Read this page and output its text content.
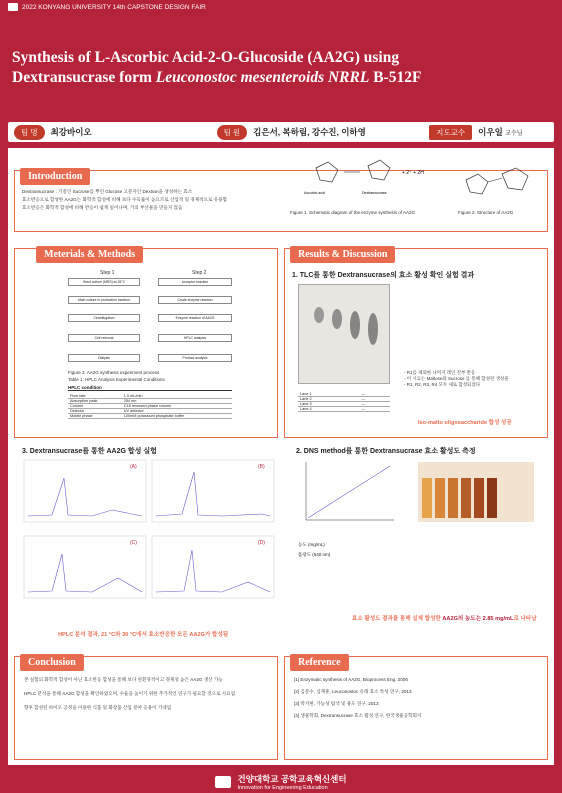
2022 KONYANG UNIVERSITY 14th CAPSTONE DESIGN FAIR
Synthesis of L-Ascorbic Acid-2-O-Glucoside (AA2G) using
Dextransucrase form Leuconostoc mesenteroids NRRL B-512F
팀 명	최강바이오	팀 원	김은서, 복하림, 강수진, 이하영	지도교수	이우일
교수님
Introduction
Dextransucrase : 기질인 Sucrose를 뿌린 Glucose 고분자인 Dextran을 생성하는 효소
효소반응으로 합성한 AA2G는 화학적 합성에 비해 보다 수득률이 높으므로 산업적 및 경제적으로 유용함
효소반응은 화학적 합성에 비해 반응이 쉽게 일어나며, 거의 부산물을 만들지 않음
Ascorbic acid	Dextransucrase
+ 2⁺ + 2H
Figure 1. Schematic diagram of the enzyme synthesis of AA2G	Figure 2. Structure of AA2G
Meterials & Methods
Step 1	Step 2
Seed culture (MRS) at 28°C
Main culture in production medium
Centrifugation
Cell removal
Dialysis
Acceptor reaction
Crude enzyme reaction
Enzyme reaction of AA2G
HPLC analysis
Product analysis
Figure 3. AA2G synthesis experiment process
Table 1. HPLC Analysis Experimental Conditions
HPLC condition
Flow rate	1.0 mL/min
Absorption peak	254 nm
Column	C18 reversed phase column
Detector	UV detector
Mobile phase	100mM potassium phosphate buffer
Results & Discussion
1. TLC를 통한 Dextransucrase의 효소 활성 확인 실험 결과
Lane 1	—
Lane 2	—
Lane 3	—
Lane 4	—
- R1를 제외한 나머지 레인 전부 반응
- 이 시료는 Maltose와 Sucrose 를 통해 합성된 생성물
- R1, R2, R3, R4 모두 새로 합성되었다
Iso-malto oligosaccharide 합성 성공
3. Dextransucrase를 통한 AA2G 합성 실험
(A)	(B)
(C)	(D)
HPLC 분석 결과, 21 °C와 30 °C에서 효소반응한 모든 AA2G가 합성됨
2. DNS method를 통한 Dextransucrase 효소 활성도 측정
농도 (mg/mL)
흡광도 (540 nm)
효소 활성도 결과를 통해 실제 합성한 AA2G의 농도는 2.85 mg/mL로 나타남
Conclusion
본 실험의 화학적 합성이 아닌 효소반응 합성을 통해 보다 친환경적이고 경제성 높은 AA2G 생산 가능
HPLC 분석을 통해 AA2G 합성을 확인하였으며, 수율을 높이기 위한 추가적인 연구가 필요할 것으로 사료됨
향후 합성된 바이오 공정을 이용한 식품 및 화장품 산업 분야 응용이 기대됨
Reference
[1] Enzymatic synthesis of AA2G, Bioprocess Eng. 2006
[2] 김문수, 심재훈, Leuconostoc 유래 효소 특성 연구, 2013
[3] 박지현, 가능성 탐색 및 용도 연구, 2013
[4] 생물학회, Dextransucrase 효소 활성 연구, 한국생물공학회지
건양대학교 공학교육혁신센터
Innovation for Engineering Education
